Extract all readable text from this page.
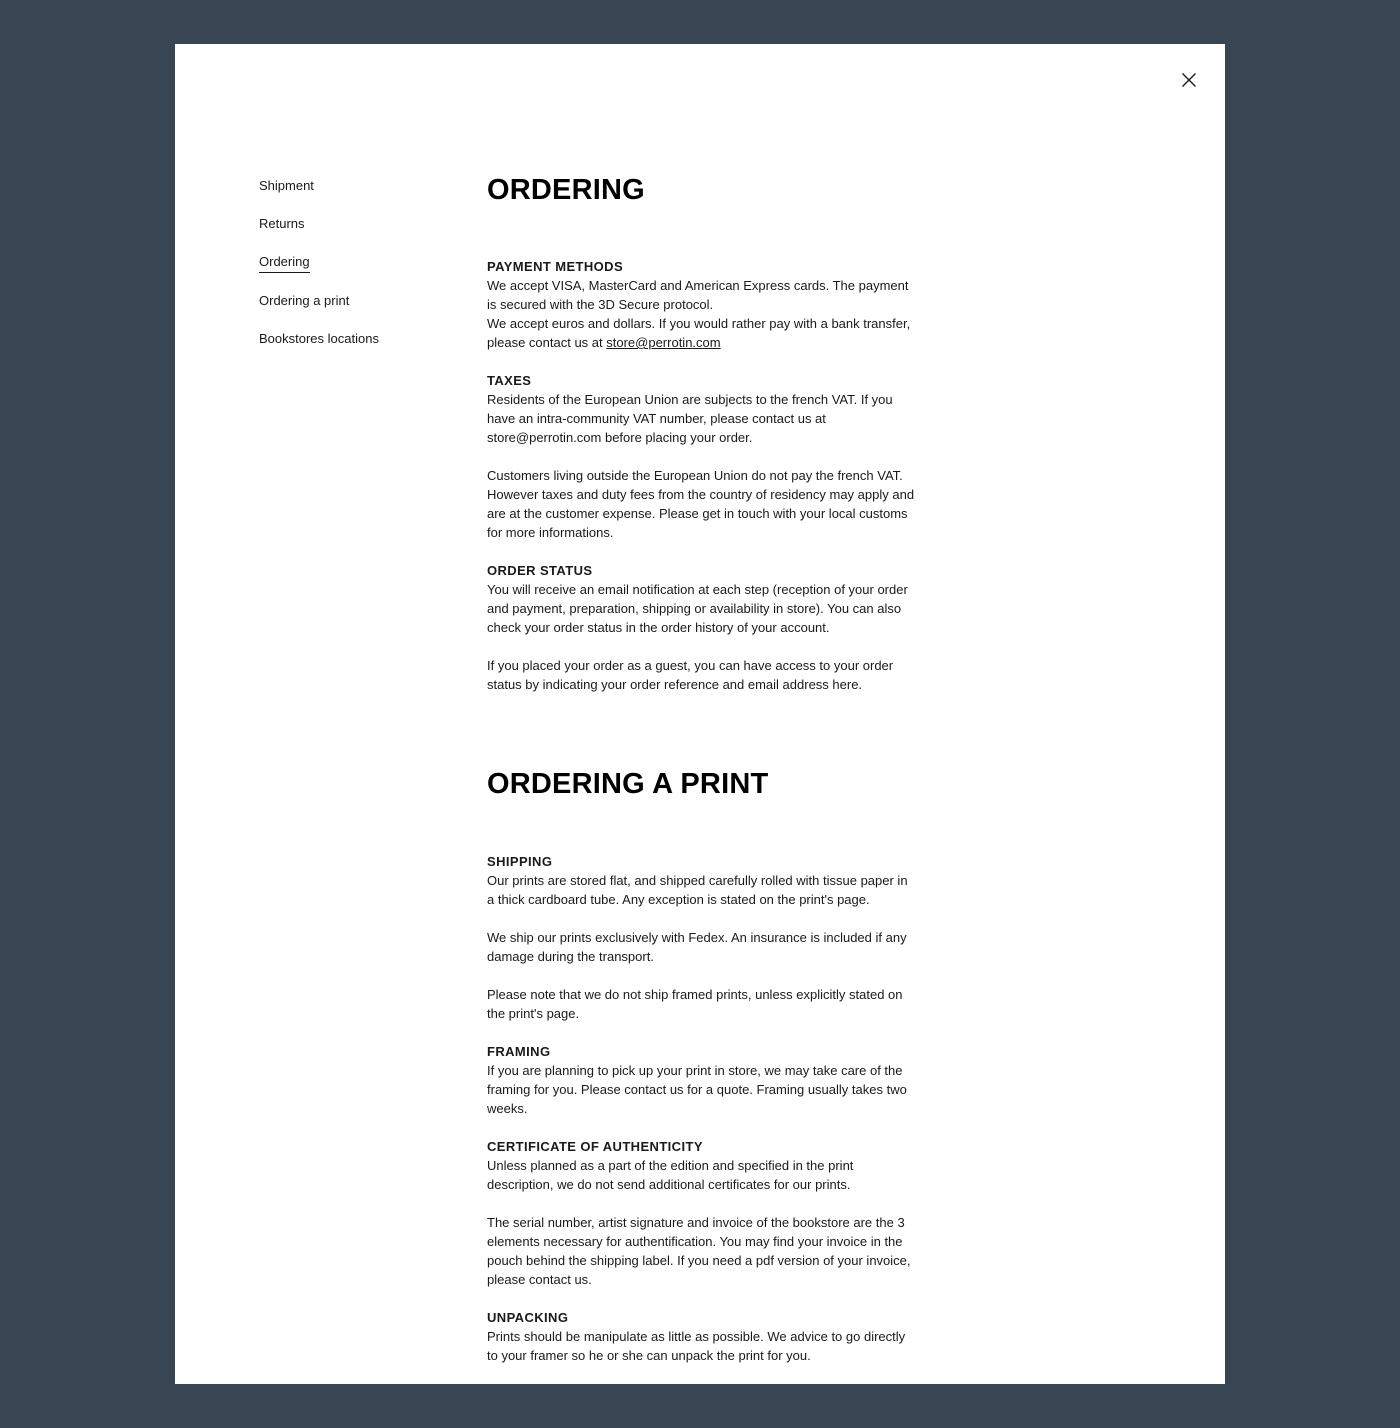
Shipment
Returns
Ordering
Ordering a print
Bookstores locations
ORDERING
PAYMENT METHODS

We accept VISA, MasterCard and American Express cards. The payment is secured with the 3D Secure protocol.

We accept euros and dollars. If you would rather pay with a bank transfer, please contact us at store@perrotin.com

TAXES

Residents of the European Union are subjects to the french VAT. If you have an intra-community VAT number, please contact us at store@perrotin.com before placing your order.

Customers living outside the European Union do not pay the french VAT. However taxes and duty fees from the country of residency may apply and are at the customer expense. Please get in touch with your local customs for more informations.

ORDER STATUS

You will receive an email notification at each step (reception of your order and payment, preparation, shipping or availability in store). You can also check your order status in the order history of your account.

If you placed your order as a guest, you can have access to your order status by indicating your order reference and email address here.

ORDERING A PRINT
SHIPPING

Our prints are stored flat, and shipped carefully rolled with tissue paper in a thick cardboard tube. Any exception is stated on the print's page.

We ship our prints exclusively with Fedex. An insurance is included if any damage during the transport.

Please note that we do not ship framed prints, unless explicitly stated on the print's page.

FRAMING

If you are planning to pick up your print in store, we may take care of the framing for you. Please contact us for a quote. Framing usually takes two weeks.

CERTIFICATE OF AUTHENTICITY

Unless planned as a part of the edition and specified in the print description, we do not send additional certificates for our prints.

The serial number, artist signature and invoice of the bookstore are the 3 elements necessary for authentification. You may find your invoice in the pouch behind the shipping label. If you need a pdf version of your invoice, please contact us.

UNPACKING

Prints should be manipulate as little as possible. We advice to go directly to your framer so he or she can unpack the print for you.
